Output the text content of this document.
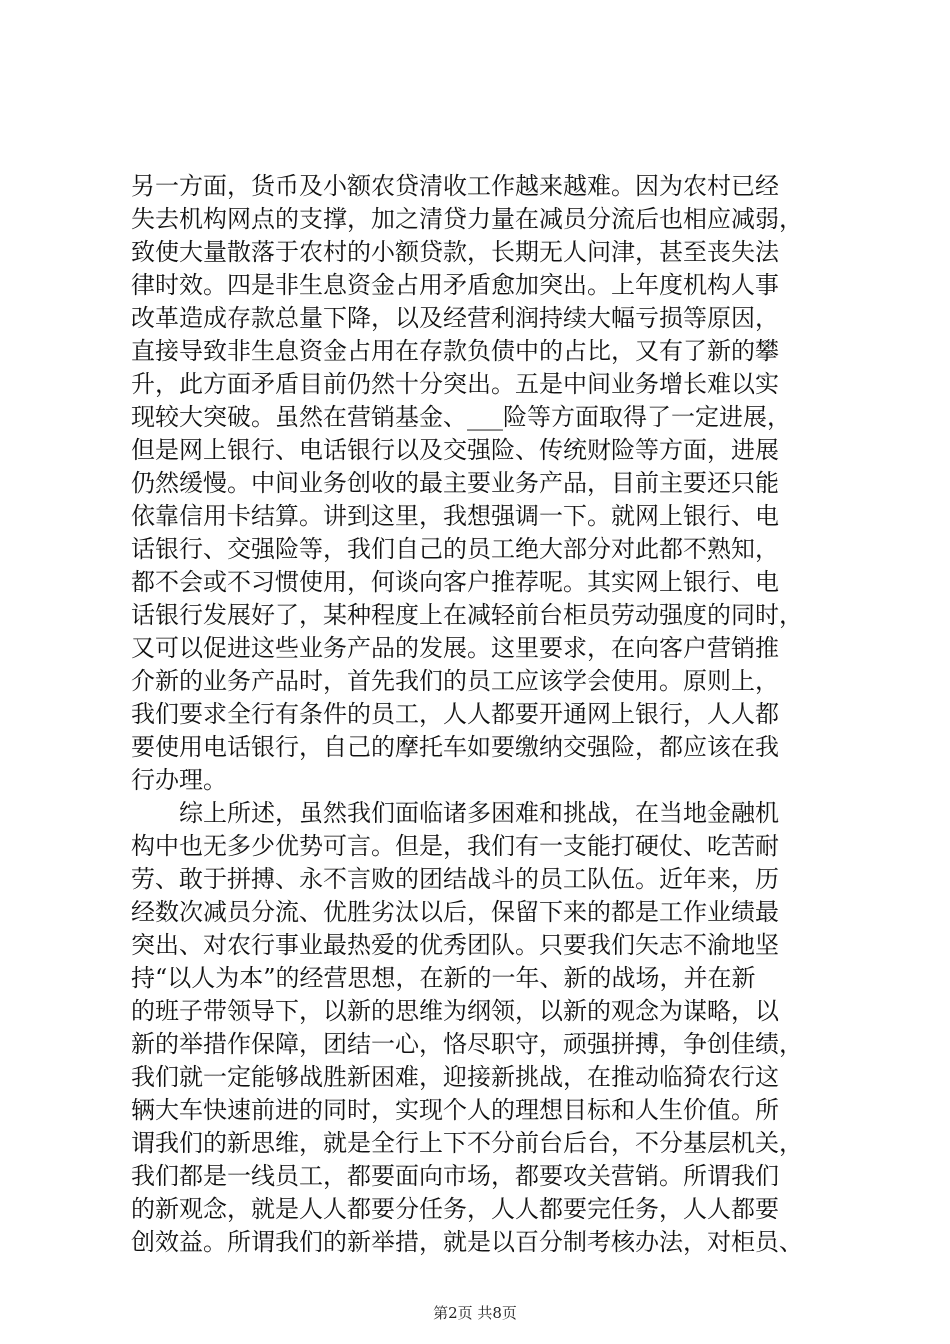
另一方面，货币及小额农贷清收工作越来越难。因为农村已经
失去机构网点的支撑，加之清贷力量在减员分流后也相应减弱，
致使大量散落于农村的小额贷款，长期无人问津，甚至丧失法
律时效。四是非生息资金占用矛盾愈加突出。上年度机构人事
改革造成存款总量下降，以及经营利润持续大幅亏损等原因，
直接导致非生息资金占用在存款负债中的占比，又有了新的攀
升，此方面矛盾目前仍然十分突出。五是中间业务增长难以实
现较大突破。虽然在营销基金、___险等方面取得了一定进展，
但是网上银行、电话银行以及交强险、传统财险等方面，进展
仍然缓慢。中间业务创收的最主要业务产品，目前主要还只能
依靠信用卡结算。讲到这里，我想强调一下。就网上银行、电
话银行、交强险等，我们自己的员工绝大部分对此都不熟知，
都不会或不习惯使用，何谈向客户推荐呢。其实网上银行、电
话银行发展好了，某种程度上在减轻前台柜员劳动强度的同时，
又可以促进这些业务产品的发展。这里要求，在向客户营销推
介新的业务产品时，首先我们的员工应该学会使用。原则上，
我们要求全行有条件的员工，人人都要开通网上银行，人人都
要使用电话银行，自己的摩托车如要缴纳交强险，都应该在我
行办理。
综上所述，虽然我们面临诸多困难和挑战，在当地金融机
构中也无多少优势可言。但是，我们有一支能打硬仗、吃苦耐
劳、敢于拼搏、永不言败的团结战斗的员工队伍。近年来，历
经数次减员分流、优胜劣汰以后，保留下来的都是工作业绩最
突出、对农行事业最热爱的优秀团队。只要我们矢志不渝地坚
持“以人为本”的经营思想，在新的一年、新的战场，并在新
的班子带领导下，以新的思维为纲领，以新的观念为谋略，以
新的举措作保障，团结一心，恪尽职守，顽强拼搏，争创佳绩，
我们就一定能够战胜新困难，迎接新挑战，在推动临猗农行这
辆大车快速前进的同时，实现个人的理想目标和人生价值。所
谓我们的新思维，就是全行上下不分前台后台，不分基层机关，
我们都是一线员工，都要面向市场，都要攻关营销。所谓我们
的新观念，就是人人都要分任务，人人都要完任务，人人都要
创效益。所谓我们的新举措，就是以百分制考核办法，对柜员、
第2页 共8页
